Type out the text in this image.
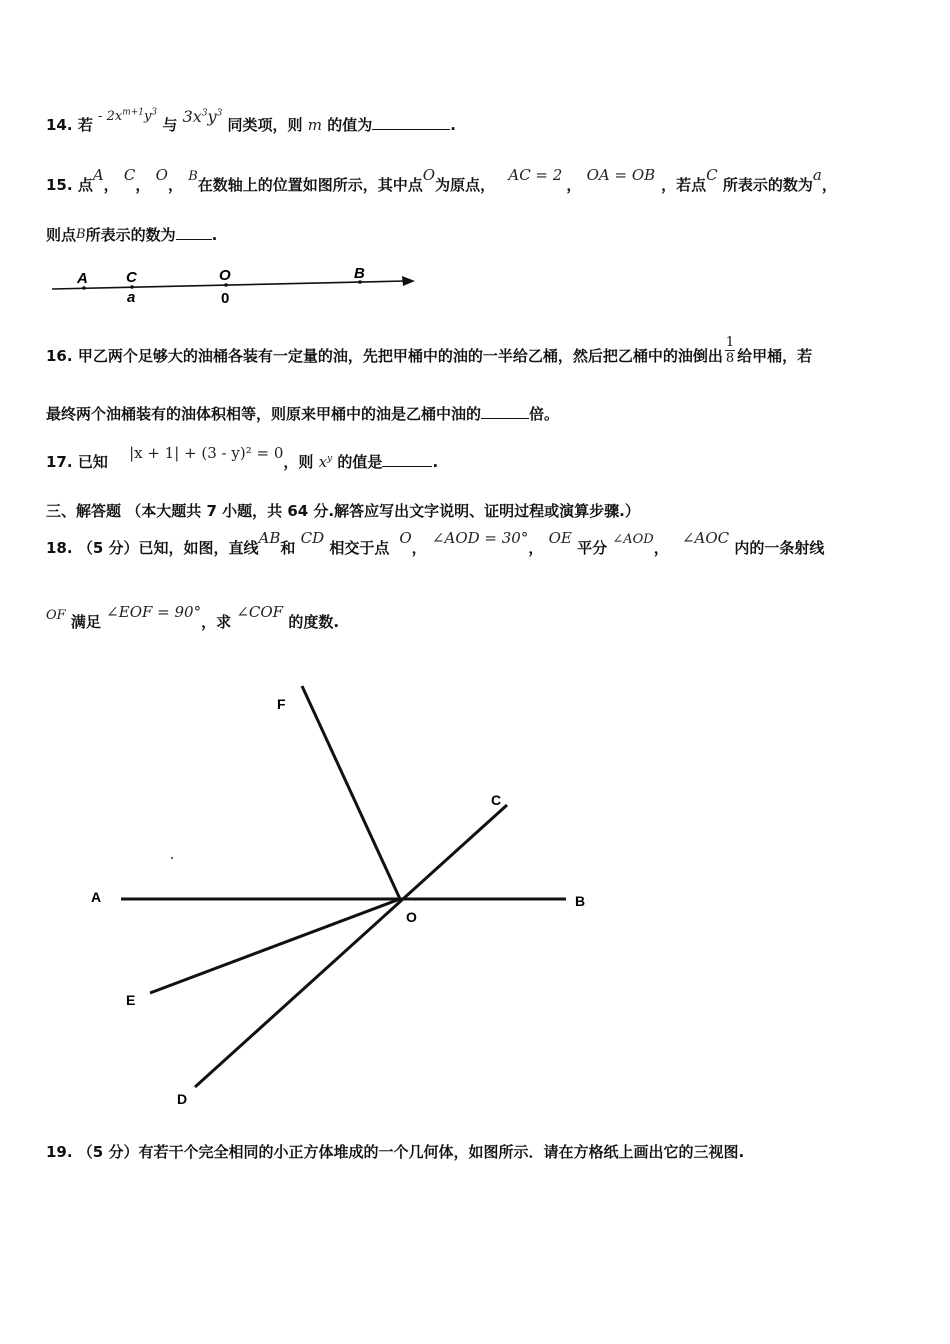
14. 若 - $2x^{m+1}y^3$ 与 $3x^3y^3$ 同类项，则 m 的值为	.
15. 点A， C， O， B在数轴上的位置如图所示，其中点O为原点， AC = 2， OA = OB，若点C 所表示的数为a，
则点B所表示的数为 .
A	C	O	B
a	0
16. 甲乙两个足够大的油桶各装有一定量的油，先把甲桶中的油的一半给乙桶，然后把乙桶中的油倒出 $\frac{1}{8}$ 给甲桶，若
最终两个油桶装有的油体积相等，则原来甲桶中的油是乙桶中油的	倍。
17. 已知 |x + 1| + (3 - y)² = 0，则 $x^y$ 的值是	.
三、解答题 （本大题共 7 小题，共 64 分.解答应写出文字说明、证明过程或演算步骤.）
18. （5 分）已知，如图，直线AB和 CD 相交于点O， ∠AOD = 30°， OE 平分 ∠AOD， ∠AOC 内的一条射线
OF 满足 ∠EOF = 90°，求 ∠COF 的度数.
F
C
A	B
O
E
D
19. （5 分）有若干个完全相同的小正方体堆成的一个几何体，如图所示．请在方格纸上画出它的三视图.
